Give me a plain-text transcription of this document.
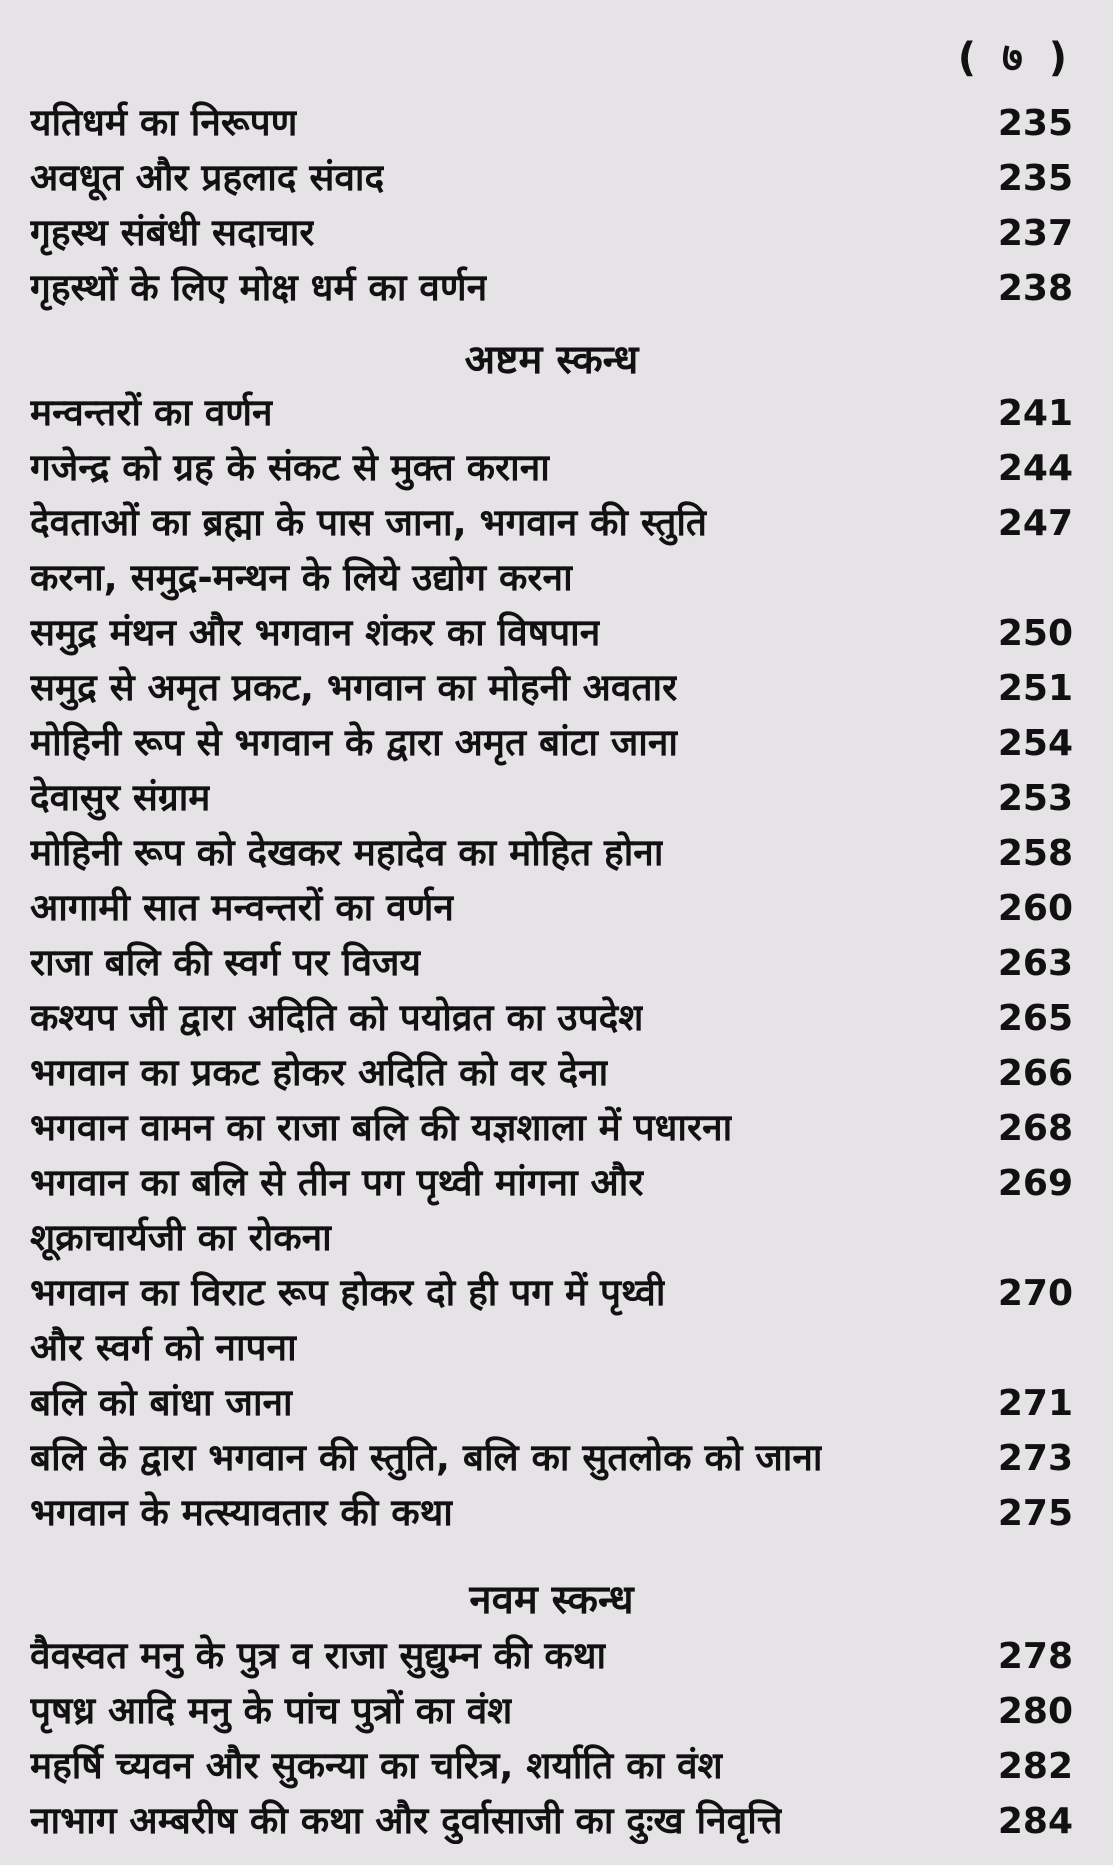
( ७ )
अष्टम स्कन्ध
नवम स्कन्ध
यतिधर्म का निरूपण	235
अवधूत और प्रहलाद संवाद	235
गृहस्थ संबंधी सदाचार	237
गृहस्थों के लिए मोक्ष धर्म का वर्णन	238
मन्वन्तरों का वर्णन	241
गजेन्द्र को ग्रह के संकट से मुक्त कराना	244
देवताओं का ब्रह्मा के पास जाना, भगवान की स्तुति	247
करना, समुद्र-मन्थन के लिये उद्योग करना
समुद्र मंथन और भगवान शंकर का विषपान	250
समुद्र से अमृत प्रकट, भगवान का मोहनी अवतार	251
मोहिनी रूप से भगवान के द्वारा अमृत बांटा जाना	254
देवासुर संग्राम	253
मोहिनी रूप को देखकर महादेव का मोहित होना	258
आगामी सात मन्वन्तरों का वर्णन	260
राजा बलि की स्वर्ग पर विजय	263
कश्यप जी द्वारा अदिति को पयोव्रत का उपदेश	265
भगवान का प्रकट होकर अदिति को वर देना	266
भगवान वामन का राजा बलि की यज्ञशाला में पधारना	268
भगवान का बलि से तीन पग पृथ्वी मांगना और	269
शूक्राचार्यजी का रोकना
भगवान का विराट रूप होकर दो ही पग में पृथ्वी	270
और स्वर्ग को नापना
बलि को बांधा जाना	271
बलि के द्वारा भगवान की स्तुति, बलि का सुतलोक को जाना	273
भगवान के मत्स्यावतार की कथा	275
वैवस्वत मनु के पुत्र व राजा सुद्युम्न की कथा	278
पृषध्र आदि मनु के पांच पुत्रों का वंश	280
महर्षि च्यवन और सुकन्या का चरित्र, शर्याति का वंश	282
नाभाग अम्बरीष की कथा और दुर्वासाजी का दुःख निवृत्ति	284
